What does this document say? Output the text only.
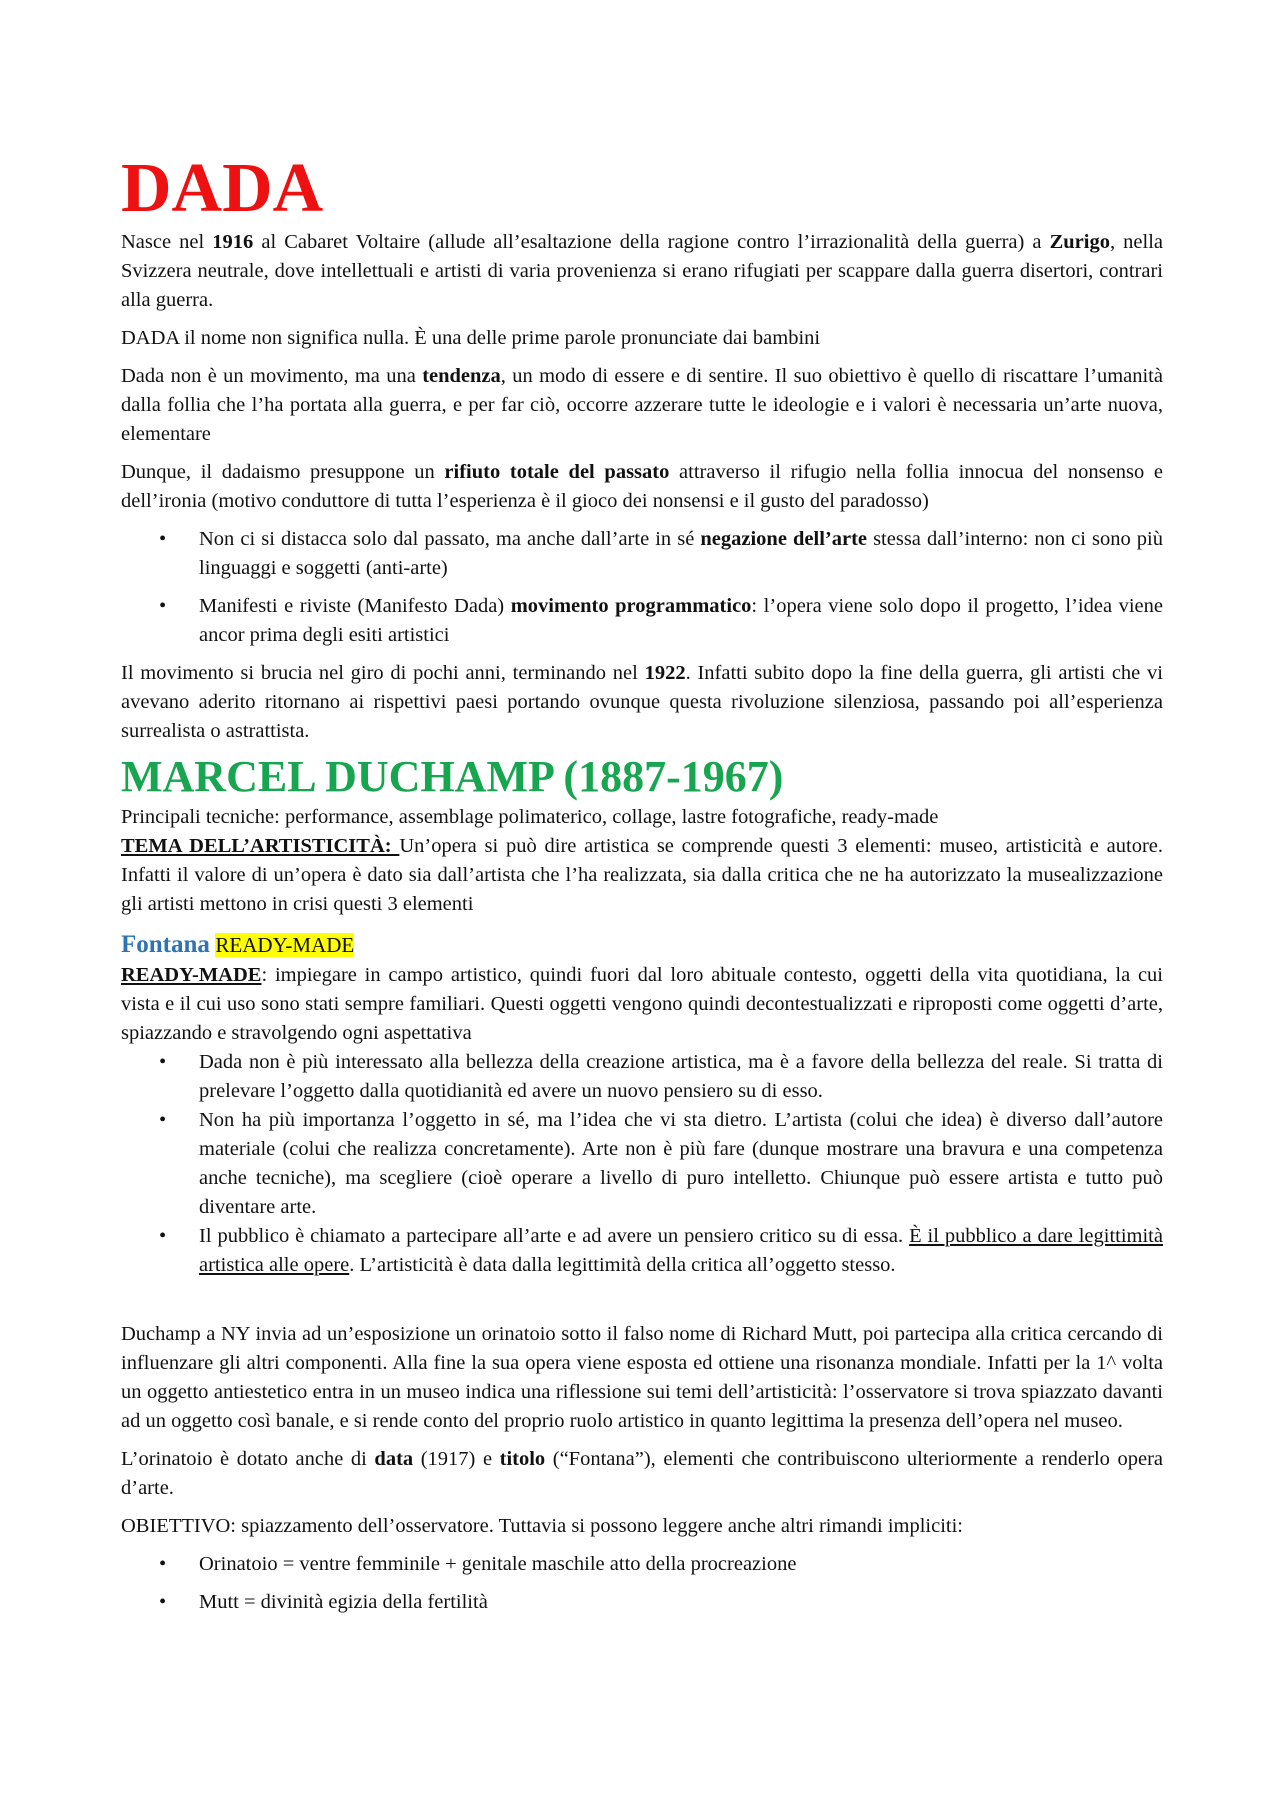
DADA

Nasce nel 1916 al Cabaret Voltaire (allude all’esaltazione della ragione contro l’irrazionalità della guerra) a Zurigo, nella Svizzera neutrale, dove intellettuali e artisti di varia provenienza si erano rifugiati per scappare dalla guerra disertori, contrari alla guerra.

DADA il nome non significa nulla. È una delle prime parole pronunciate dai bambini

Dada non è un movimento, ma una tendenza, un modo di essere e di sentire. Il suo obiettivo è quello di riscattare l’umanità dalla follia che l’ha portata alla guerra, e per far ciò, occorre azzerare tutte le ideologie e i valori è necessaria un’arte nuova, elementare

Dunque, il dadaismo presuppone un rifiuto totale del passato attraverso il rifugio nella follia innocua del nonsenso e dell’ironia (motivo conduttore di tutta l’esperienza è il gioco dei nonsensi e il gusto del paradosso)

• Non ci si distacca solo dal passato, ma anche dall’arte in sé negazione dell’arte stessa dall’interno: non ci sono più linguaggi e soggetti (anti-arte)
• Manifesti e riviste (Manifesto Dada) movimento programmatico: l’opera viene solo dopo il progetto, l’idea viene ancor prima degli esiti artistici

Il movimento si brucia nel giro di pochi anni, terminando nel 1922. Infatti subito dopo la fine della guerra, gli artisti che vi avevano aderito ritornano ai rispettivi paesi portando ovunque questa rivoluzione silenziosa, passando poi all’esperienza surrealista o astrattista.

MARCEL DUCHAMP (1887-1967)

Principali tecniche: performance, assemblage polimaterico, collage, lastre fotografiche, ready-made

TEMA DELL’ARTISTICITÀ: Un’opera si può dire artistica se comprende questi 3 elementi: museo, artisticità e autore. Infatti il valore di un’opera è dato sia dall’artista che l’ha realizzata, sia dalla critica che ne ha autorizzato la musealizzazione gli artisti mettono in crisi questi 3 elementi

Fontana READY-MADE

READY-MADE: impiegare in campo artistico, quindi fuori dal loro abituale contesto, oggetti della vita quotidiana, la cui vista e il cui uso sono stati sempre familiari. Questi oggetti vengono quindi decontestualizzati e riproposti come oggetti d’arte, spiazzando e stravolgendo ogni aspettativa

• Dada non è più interessato alla bellezza della creazione artistica, ma è a favore della bellezza del reale. Si tratta di prelevare l’oggetto dalla quotidianità ed avere un nuovo pensiero su di esso.
• Non ha più importanza l’oggetto in sé, ma l’idea che vi sta dietro. L’artista (colui che idea) è diverso dall’autore materiale (colui che realizza concretamente). Arte non è più fare (dunque mostrare una bravura e una competenza anche tecniche), ma scegliere (cioè operare a livello di puro intelletto. Chiunque può essere artista e tutto può diventare arte.
• Il pubblico è chiamato a partecipare all’arte e ad avere un pensiero critico su di essa. È il pubblico a dare legittimità artistica alle opere. L’artisticità è data dalla legittimità della critica all’oggetto stesso.

Duchamp a NY invia ad un’esposizione un orinatoio sotto il falso nome di Richard Mutt, poi partecipa alla critica cercando di influenzare gli altri componenti. Alla fine la sua opera viene esposta ed ottiene una risonanza mondiale. Infatti per la 1^ volta un oggetto antiestetico entra in un museo indica una riflessione sui temi dell’artisticità: l’osservatore si trova spiazzato davanti ad un oggetto così banale, e si rende conto del proprio ruolo artistico in quanto legittima la presenza dell’opera nel museo.

L’orinatoio è dotato anche di data (1917) e titolo (“Fontana”), elementi che contribuiscono ulteriormente a renderlo opera d’arte.

OBIETTIVO: spiazzamento dell’osservatore. Tuttavia si possono leggere anche altri rimandi impliciti:

• Orinatoio = ventre femminile + genitale maschile atto della procreazione
• Mutt = divinità egizia della fertilità
